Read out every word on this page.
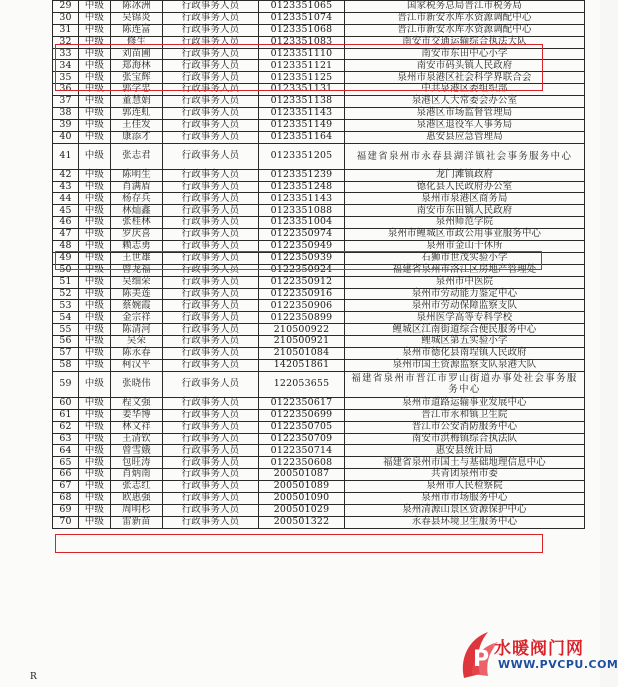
29	中级	陈冰洲	行政事务人员	0123351065	国家税务总局晋江市税务局
30	中级	吴锦炎	行政事务人员	0123351074	晋江市新安水库水资源调配中心
31	中级	陈连富	行政事务人员	0123351068	晋江市新安水库水资源调配中心
32	中级	修生	行政事务人员	0123351083	南安市交通运输综合执法大队
33	中级	刘苗圃	行政事务人员	0123351110	南安市东田中心小学
34	中级	郑海林	行政事务人员	0123351121	南安市码头镇人民政府
35	中级	张宝辉	行政事务人员	0123351125	泉州市泉港区社会科学界联合会
36	中级	郭学忠	行政事务人员	0123351131	中共泉港区委组织部
37	中级	董慧娟	行政事务人员	0123351138	泉港区人大常委会办公室
38	中级	郭连虹	行政事务人员	0123351143	泉港区市场监督管理局
39	中级	王佳发	行政事务人员	0123351149	泉港区退役军人事务局
40	中级	康添才	行政事务人员	0123351164	惠安县应急管理局
41	中级	张志君	行政事务人员	0123351205	福建省泉州市永春县湖洋镇社会事务服务中心
42	中级	陈明生	行政事务人员	0123351239	龙门滩镇政府
43	中级	肖满盾	行政事务人员	0123351248	德化县人民政府办公室
44	中级	杨存兵	行政事务人员	0123351143	泉州市泉港区商务局
45	中级	林灿鑫	行政事务人员	0123351088	南安市东田镇人民政府
46	中级	张桂林	行政事务人员	0123351004	泉州师范学院
47	中级	罗庆喜	行政事务人员	0122350974	泉州市鲤城区市政公用事业服务中心
48	中级	赖志勇	行政事务人员	0122350949	泉州市金山干休所
49	中级	王世雄	行政事务人员	0122350939	石狮市世茂实验小学
50	中级	曾龙福	行政事务人员	0122350924	福建省泉州市洛江区房地产管理处
51	中级	吴细荣	行政事务人员	0122350912	泉州市中医院
52	中级	陈美莲	行政事务人员	0122350916	泉州市劳动能力鉴定中心
53	中级	蔡婉霞	行政事务人员	0122350906	泉州市劳动保障监察支队
54	中级	金宗祥	行政事务人员	0122350899	泉州医学高等专科学校
55	中级	陈清河	行政事务人员	210500922	鲤城区江南街道综合便民服务中心
56	中级	吴荣	行政事务人员	210500921	鲤城区第五实验小学
57	中级	陈永春	行政事务人员	210501084	泉州市德化县南埕镇人民政府
58	中级	柯汉平	行政事务人员	142051861	泉州市国土资源监察支队泉港大队
59	中级	张晓伟	行政事务人员	122053655	福建省泉州市晋江市罗山街道办事处社会事务服务中心
60	中级	程文强	行政事务人员	0122350617	泉州市道路运输事业发展中心
61	中级	姜华博	行政事务人员	0122350699	晋江市永和镇卫生院
62	中级	林文祥	行政事务人员	0122350705	晋江市公安消防服务中心
63	中级	王清钦	行政事务人员	0122350709	南安市洪梅镇综合执法队
64	中级	曾雪娥	行政事务人员	0122350714	惠安县统计局
65	中级	包旺涛	行政事务人员	0122350608	福建省泉州市国土与基础地理信息中心
66	中级	肖炳南	行政事务人员	200501087	共青团泉州市委
67	中级	张志红	行政事务人员	200501089	泉州市人民检察院
68	中级	欧惠强	行政事务人员	200501090	泉州市市场服务中心
69	中级	周明杉	行政事务人员	200501029	泉州清源山景区资源保护中心
70	中级	雷新苗	行政事务人员	200501322	永春县环境卫生服务中心
R
P 水暖阀门网
WWW.PVCPU.COM
